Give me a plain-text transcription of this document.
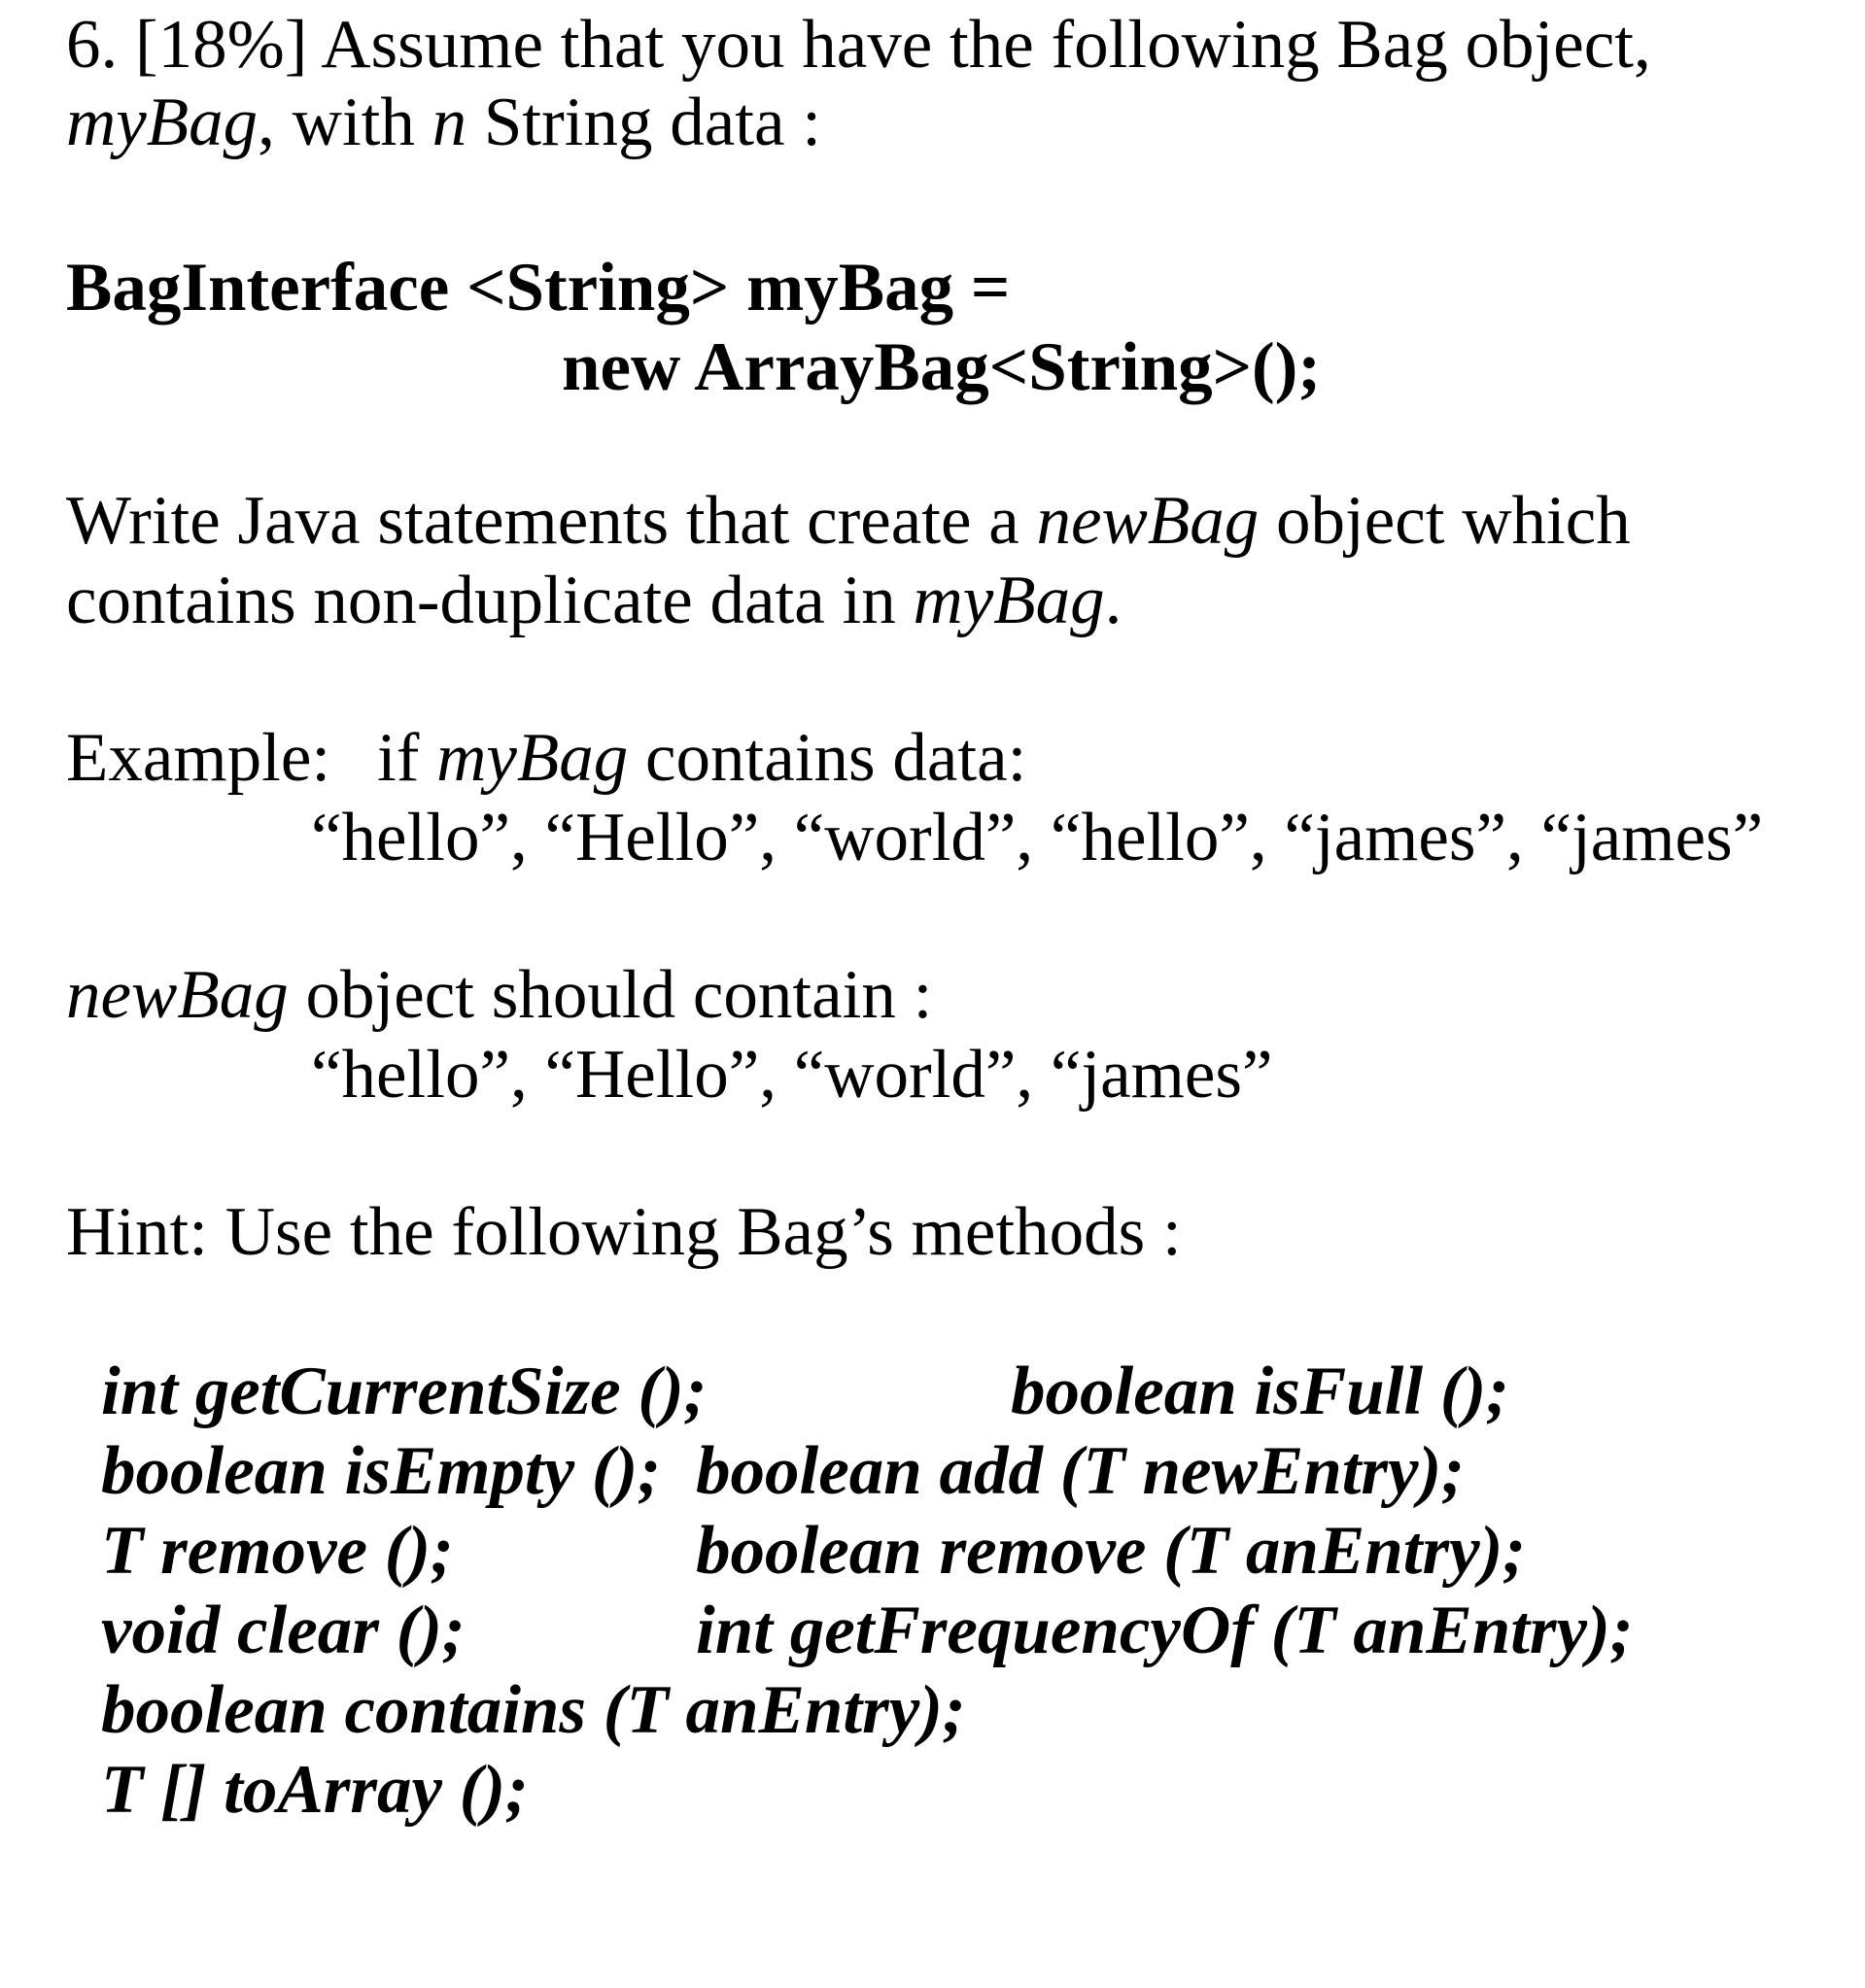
6. [18%] Assume that you have the following Bag object,
myBag, with n String data :
BagInterface <String> myBag =
new ArrayBag<String>();
Write Java statements that create a newBag object which
contains non-duplicate data in myBag.
Example: if myBag contains data:
“hello”, “Hello”, “world”, “hello”, “james”, “james”
newBag object should contain :
“hello”, “Hello”, “world”, “james”
Hint: Use the following Bag’s methods :
int getCurrentSize ();	boolean isFull ();
boolean isEmpty (); boolean add (T newEntry);
T remove ();	boolean remove (T anEntry);
void clear ();	int getFrequencyOf (T anEntry);
boolean contains (T anEntry);
T [] toArray ();
